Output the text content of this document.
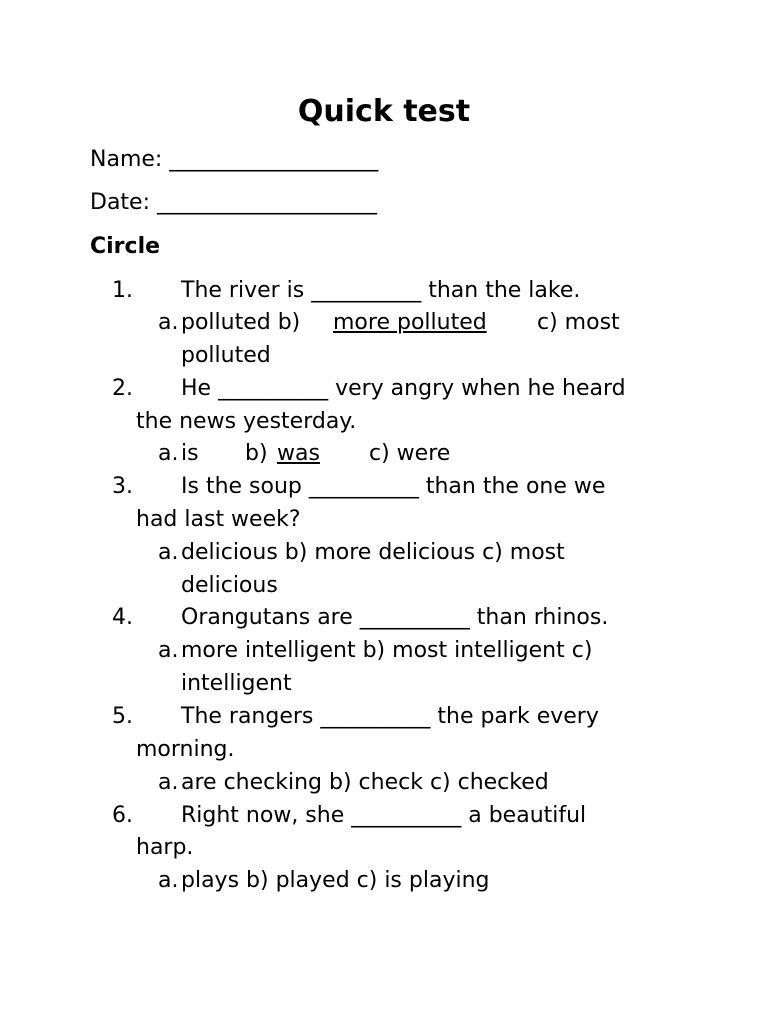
Quick test
Name: ___________________
Date: ____________________
Circle
1. The river is __________ than the lake.
a. polluted b) more polluted c) most
polluted
2. He __________ very angry when he heard
the news yesterday.
a. is b) was c) were
3. Is the soup __________ than the one we
had last week?
a. delicious b) more delicious c) most
delicious
4. Orangutans are __________ than rhinos.
a. more intelligent b) most intelligent c)
intelligent
5. The rangers __________ the park every
morning.
a. are checking b) check c) checked
6. Right now, she __________ a beautiful
harp.
a. plays b) played c) is playing
